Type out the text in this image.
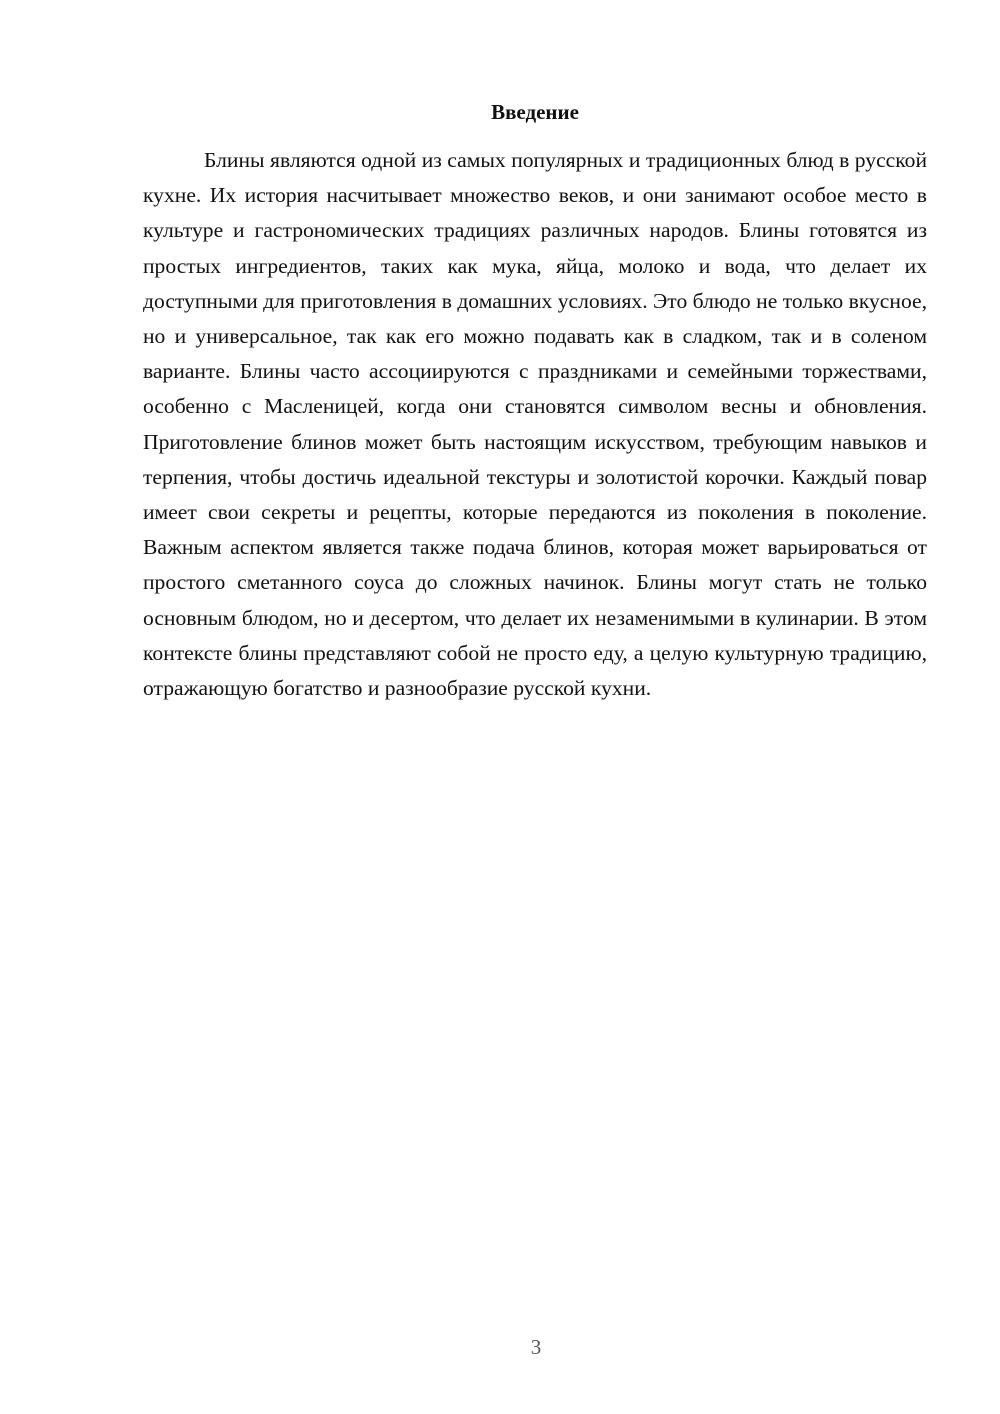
Введение

Блины являются одной из самых популярных и традиционных блюд в русской кухне. Их история насчитывает множество веков, и они занимают особое место в культуре и гастрономических традициях различных народов. Блины готовятся из простых ингредиентов, таких как мука, яйца, молоко и вода, что делает их доступными для приготовления в домашних условиях. Это блюдо не только вкусное, но и универсальное, так как его можно подавать как в сладком, так и в соленом варианте. Блины часто ассоциируются с праздниками и семейными торжествами, особенно с Масленицей, когда они становятся символом весны и обновления. Приготовление блинов может быть настоящим искусством, требующим навыков и терпения, чтобы достичь идеальной текстуры и золотистой корочки. Каждый повар имеет свои секреты и рецепты, которые передаются из поколения в поколение. Важным аспектом является также подача блинов, которая может варьироваться от простого сметанного соуса до сложных начинок. Блины могут стать не только основным блюдом, но и десертом, что делает их незаменимыми в кулинарии. В этом контексте блины представляют собой не просто еду, а целую культурную традицию, отражающую богатство и разнообразие русской кухни.

3
